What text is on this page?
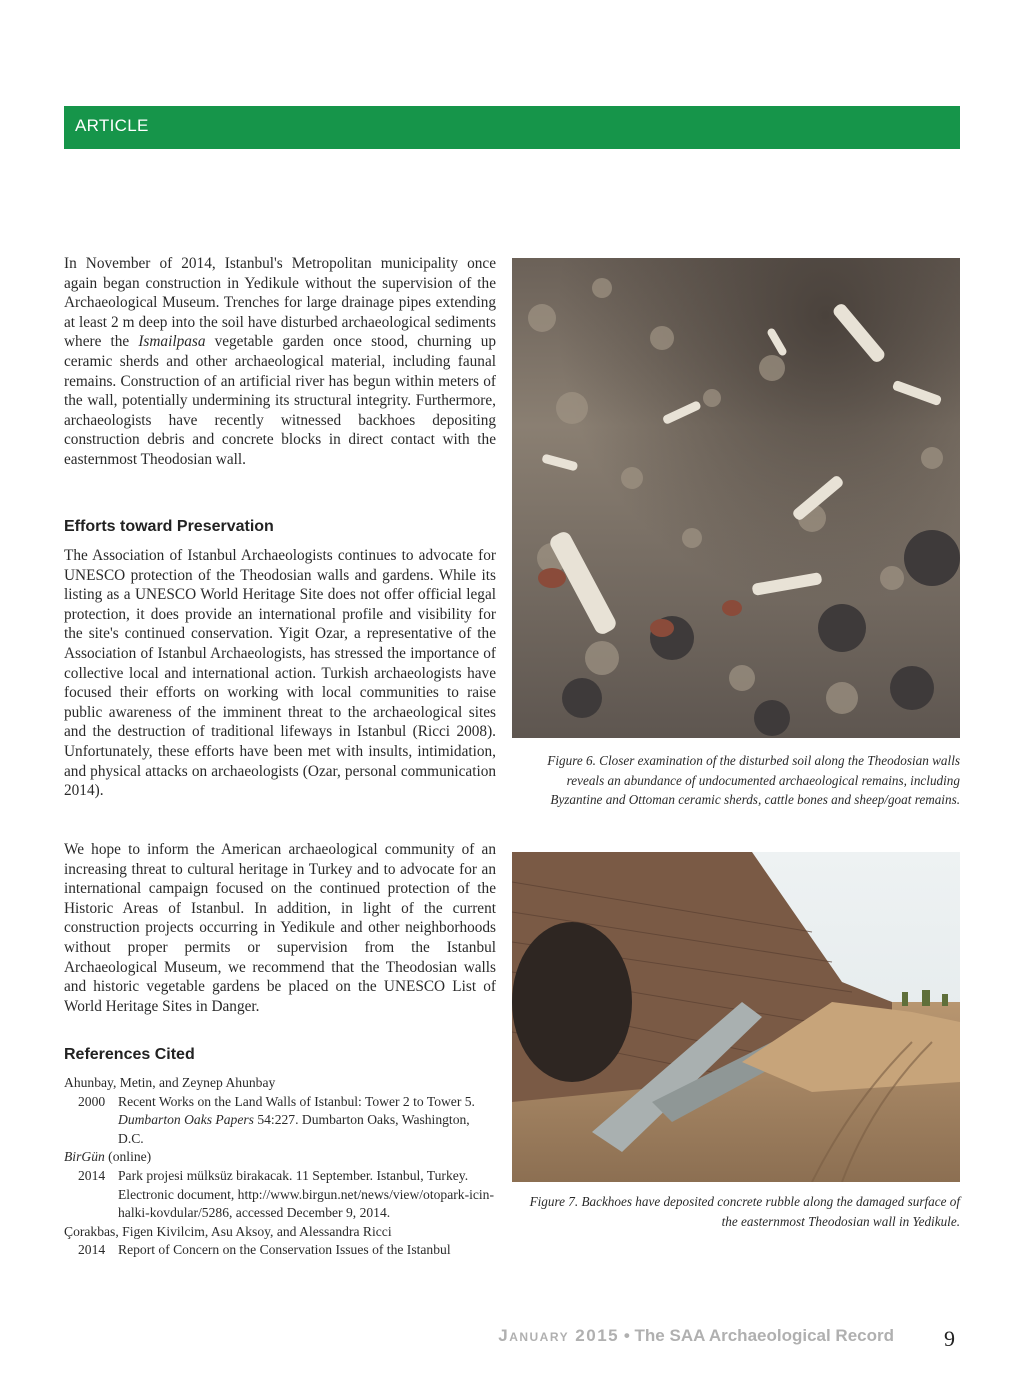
ARTICLE

In November of 2014, Istanbul's Metropolitan municipality once again began construction in Yedikule without the supervision of the Archaeological Museum. Trenches for large drainage pipes extending at least 2 m deep into the soil have disturbed archaeological sediments where the Ismailpasa vegetable garden once stood, churning up ceramic sherds and other archaeological material, including faunal remains. Construction of an artificial river has begun within meters of the wall, potentially undermining its structural integrity. Furthermore, archaeologists have recently witnessed backhoes depositing construction debris and concrete blocks in direct contact with the easternmost Theodosian wall.

Efforts toward Preservation

The Association of Istanbul Archaeologists continues to advocate for UNESCO protection of the Theodosian walls and gardens. While its listing as a UNESCO World Heritage Site does not offer official legal protection, it does provide an international profile and visibility for the site's continued conservation. Yigit Ozar, a representative of the Association of Istanbul Archaeologists, has stressed the importance of collective local and international action. Turkish archaeologists have focused their efforts on working with local communities to raise public awareness of the imminent threat to the archaeological sites and the destruction of traditional lifeways in Istanbul (Ricci 2008). Unfortunately, these efforts have been met with insults, intimidation, and physical attacks on archaeologists (Ozar, personal communication 2014).

We hope to inform the American archaeological community of an increasing threat to cultural heritage in Turkey and to advocate for an international campaign focused on the continued protection of the Historic Areas of Istanbul. In addition, in light of the current construction projects occurring in Yedikule and other neighborhoods without proper permits or supervision from the Istanbul Archaeological Museum, we recommend that the Theodosian walls and historic vegetable gardens be placed on the UNESCO List of World Heritage Sites in Danger.

References Cited

Ahunbay, Metin, and Zeynep Ahunbay

2000 Recent Works on the Land Walls of Istanbul: Tower 2 to Tower 5. Dumbarton Oaks Papers 54:227. Dumbarton Oaks, Washington, D.C.

BirGün (online)

2014 Park projesi mülksüz birakacak. 11 September. Istanbul, Turkey. Electronic document, http://www.birgun.net/news/view/otopark-icin-halki-kovdular/5286, accessed December 9, 2014.

Çorakbas, Figen Kivilcim, Asu Aksoy, and Alessandra Ricci

2014 Report of Concern on the Conservation Issues of the Istanbul

Figure 6. Closer examination of the disturbed soil along the Theodosian walls reveals an abundance of undocumented archaeological remains, including Byzantine and Ottoman ceramic sherds, cattle bones and sheep/goat remains.

Figure 7. Backhoes have deposited concrete rubble along the damaged surface of the easternmost Theodosian wall in Yedikule.

January 2015 • The SAA Archaeological Record 9
